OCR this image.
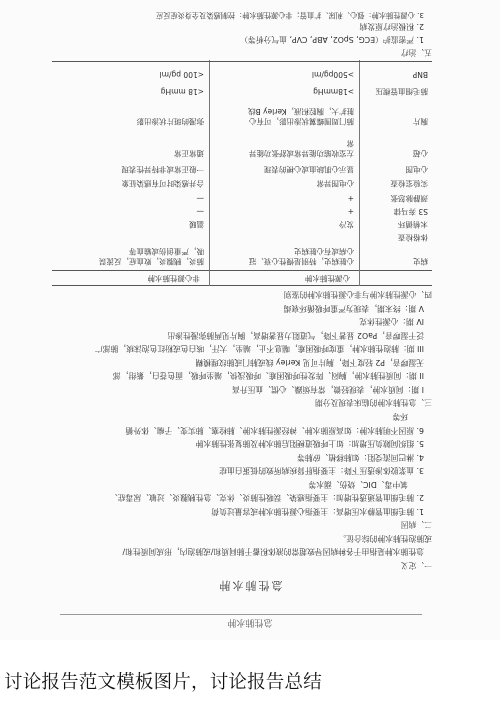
急性肺水肿
急性肺水肿
一、定义
急性肺水肿是指由于各种病因导致超常的液体积蓄于肺间质和/或肺泡内，形成间质性和/
或肺泡性肺水肿的综合征。
二、病因
1. 肺毛细血管静水压增高：主要指心源性肺水肿或容量过负荷
2. 肺毛细血管通透性增加：主要指感染、误吸性肺炎、休克、急性胰腺炎、过敏、尿毒症、
氧中毒、DIC、烧伤、溺水等
3. 血浆胶体渗透压下降：主要指肝肾疾病所致的低蛋白血症
4. 淋巴回流受阻：如肺移植、矽肺等
5. 组织间隙负压增加：如上呼吸道梗阻后肺水肿及肺复张性肺水肿
6. 原因不明肺水肿：如高原肺水肿、神经源性肺水肿、肺栓塞、肺实变、子痫、体外循
环等
三、急性肺水肿的临床表现及分期
I 期：间质水肿，表现轻微，常有烦躁、心慌、血压升高
II 期：间质性肺水肿，胸闷、阵发性呼吸困难、呼吸浅快，端坐呼吸，面色苍白，紫绀，部
无湿啰音，P2 轻度下降，胸片可见 Kerley 线或肺门或肺纹理模糊
III 期：肺泡性肺水肿，重度呼吸困难，喘息不止，端坐，大汗，咳白色或粉红色泡沫痰，肺部广
泛干湿啰音，PaO2 显著下降，气道阻力显著增高，胸片见两肺弥漫性渗出
IV 期：心源性休克
V 期：终末期，表现为严重呼吸循环衰竭
四、心源性肺水肿与非心源性肺水肿的鉴别
心源性肺水肿
非心源性肺水肿
病史
心脏病史，特别是慢性心衰、冠
心病或有心脏病史
肺炎，胰腺炎，败血症，反流误
吸，严重创伤或输血等
体格检查
末梢循环
发冷
温暖
S3 奔马律
+
—
颈静脉怒张
+
—
实验室检查
心电图异常
合并感染时可有感染征象
心电图
显示心肌缺血或心梗的表现
一般正常或非特异性表现
心超
左室收缩功能异常或舒张功能异
常
通常正常
胸片
肺门周围蝶翼状渗出影，可有心
脏扩大，胸腔积液，Kerley B线
弥漫的斑片状渗出影
肺毛细血管楔压
>18mmHg
<18 mmHg
BNP
>500pg/ml
<100 pg/ml
五、治疗
1. 严密监护（ECG, SpO2, ABP, CVP, 血气分析等）
2. 积极治疗原发病
3. 心源性肺水肿：强心、利尿、扩血管；非心源性肺水肿：控制感染及全身炎症反应
讨论报告范文模板图片，讨论报告总结
